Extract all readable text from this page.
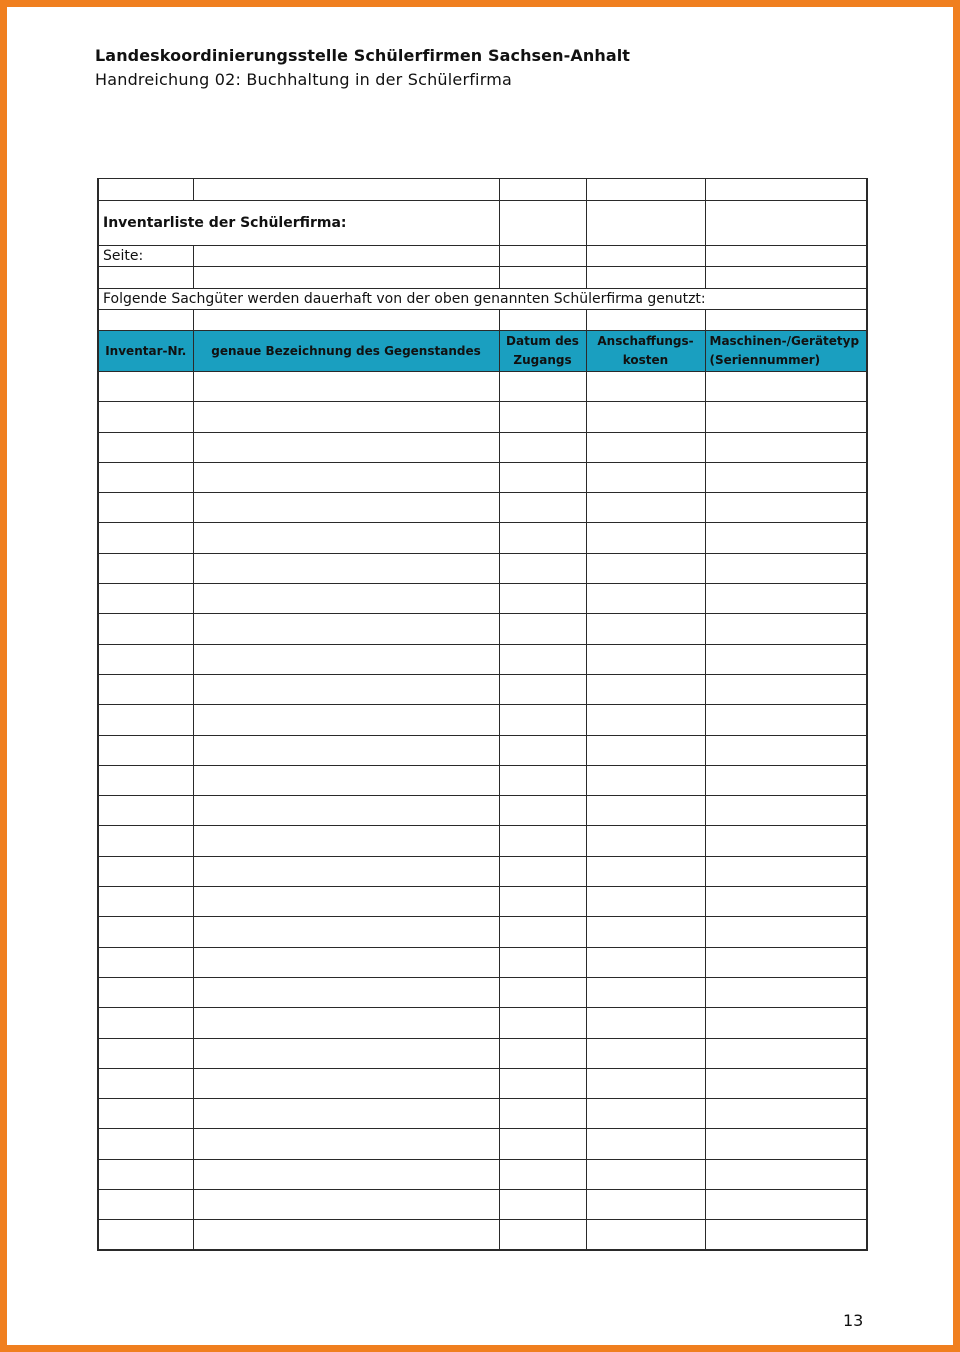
Landeskoordinierungsstelle Schülerfirmen Sachsen-Anhalt
Handreichung 02: Buchhaltung in der Schülerfirma

Inventarliste der Schülerfirma:				
Seite:				

Folgende Sachgüter werden dauerhaft von der oben genannten Schülerfirma genutzt:				

Inventar-Nr.	genaue Bezeichnung des Gegenstandes	Datum des Zugangs	Anschaffungs-kosten	Maschinen-/Gerätetyp (Seriennummer)

13
